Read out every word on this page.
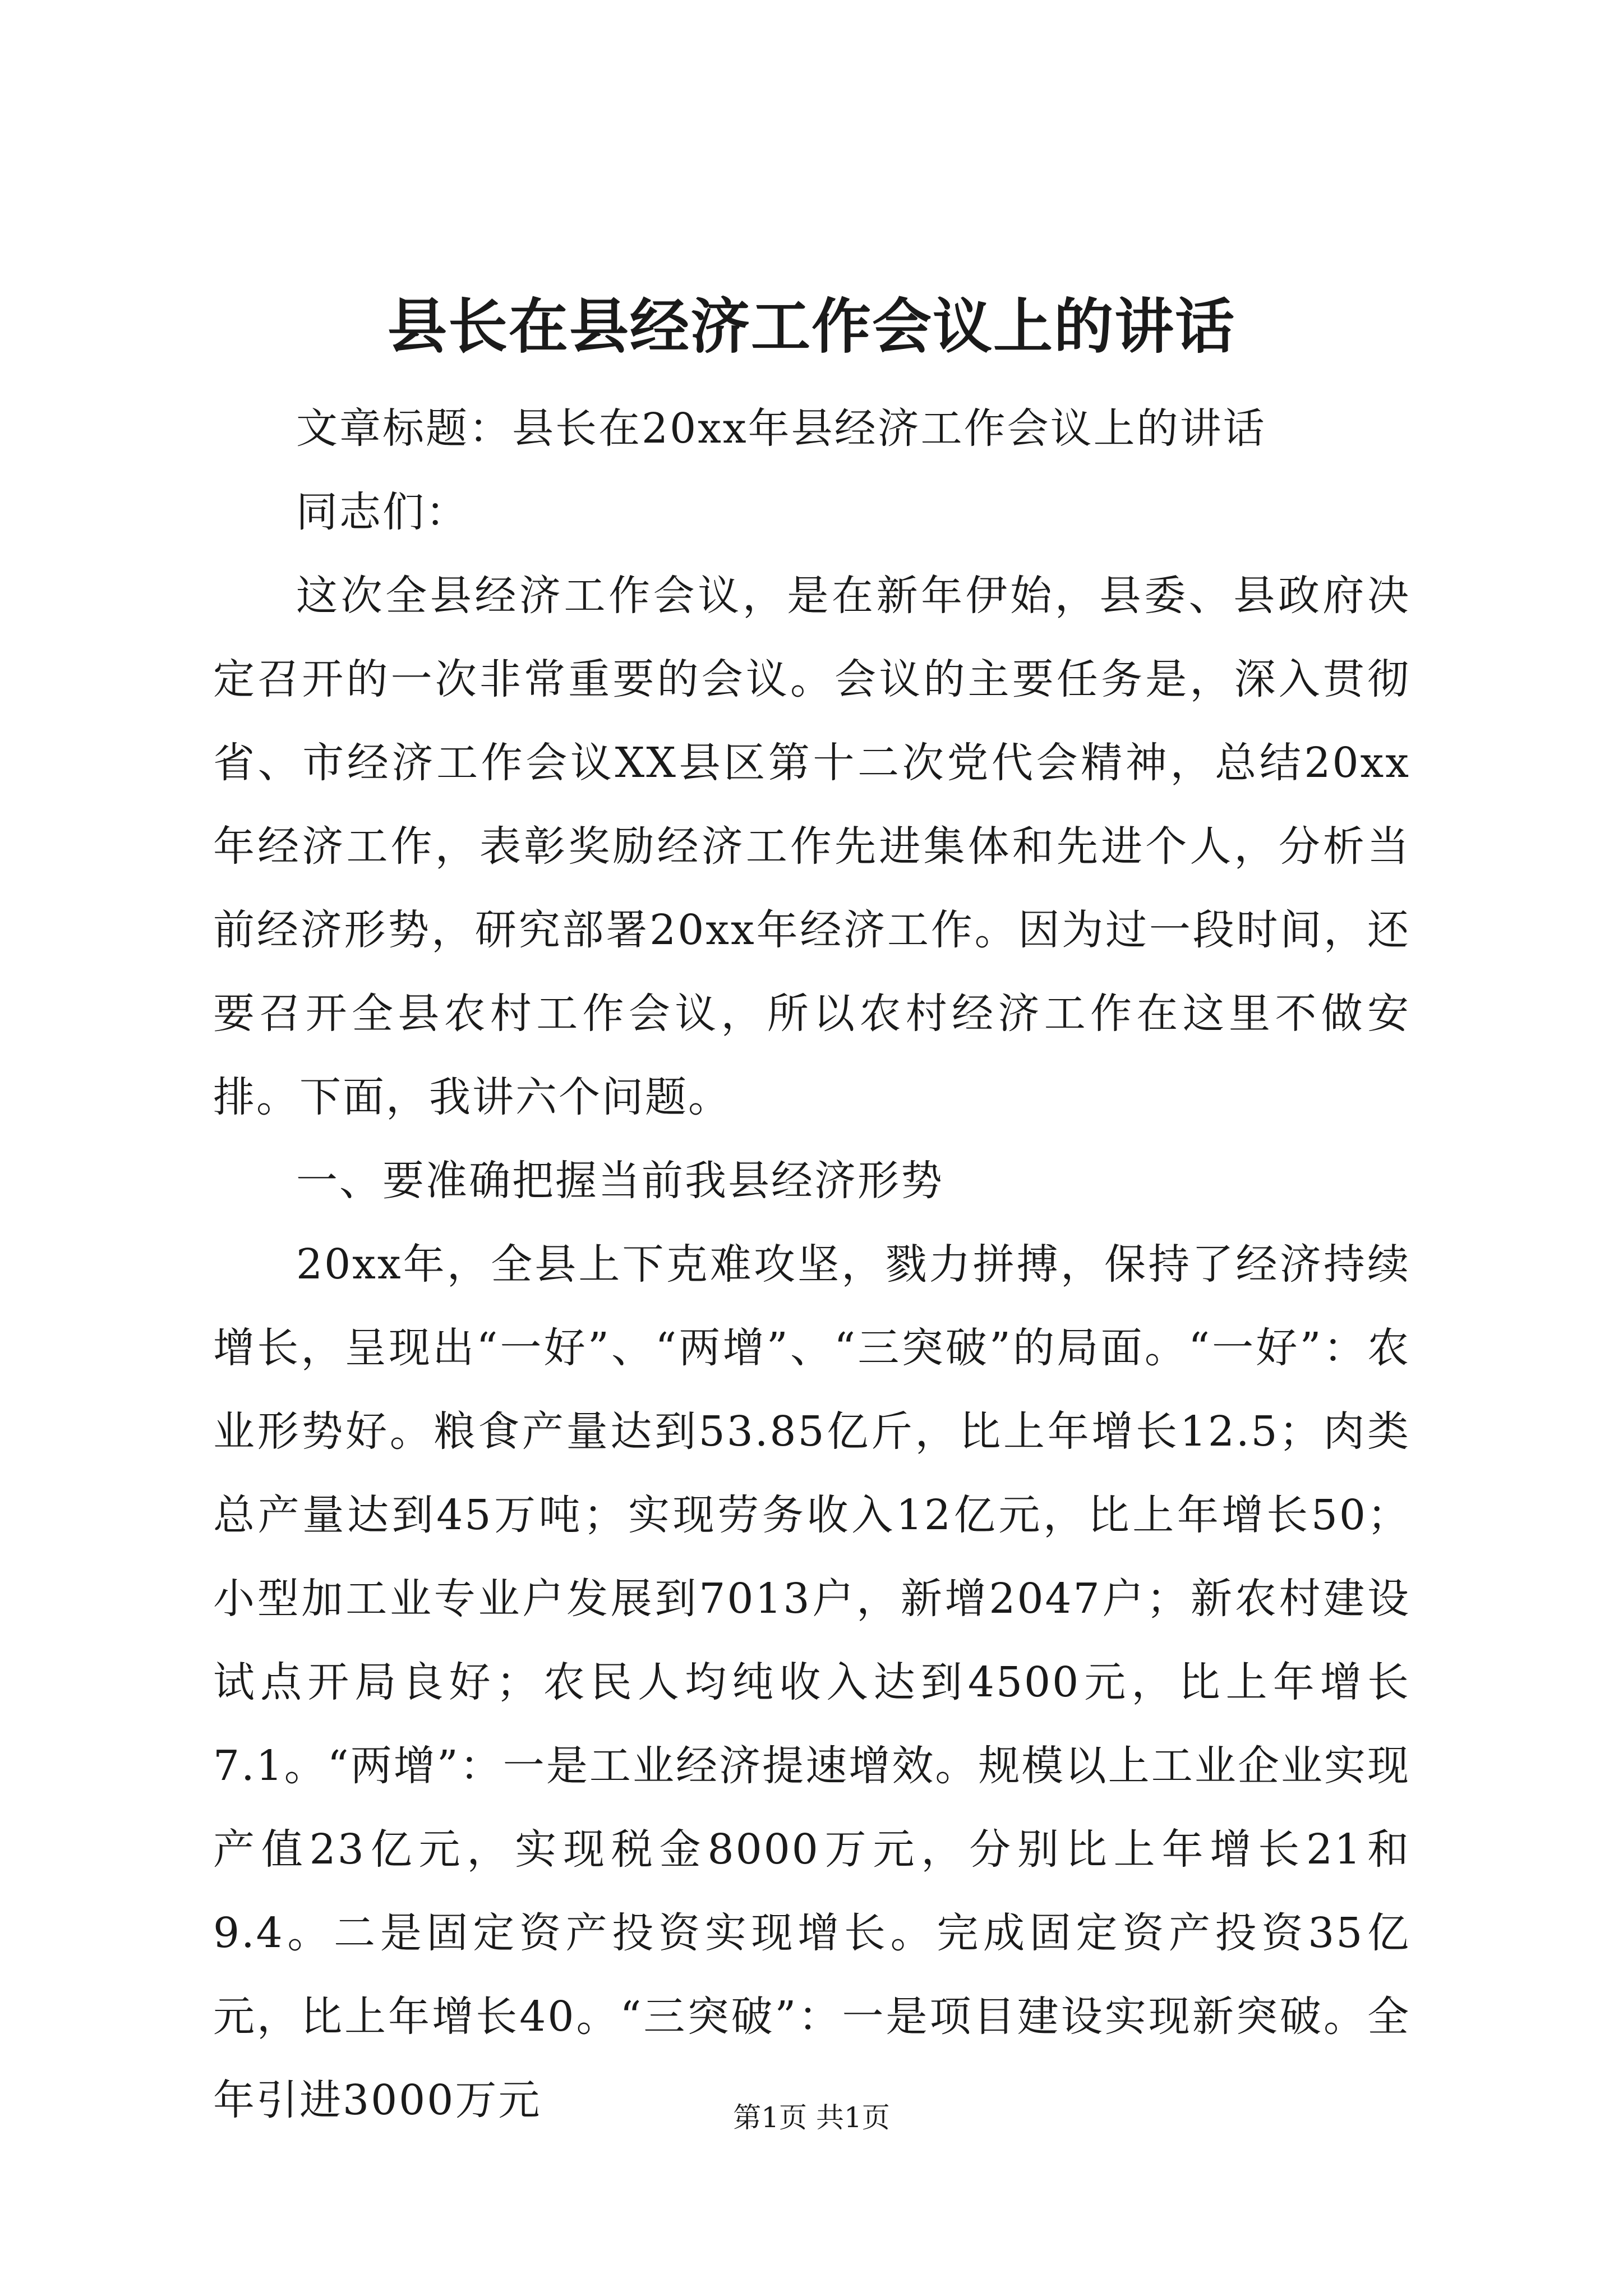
县长在县经济工作会议上的讲话

文章标题：县长在20xx年县经济工作会议上的讲话

同志们：

这次全县经济工作会议，是在新年伊始，县委、县政府决定召开的一次非常重要的会议。会议的主要任务是，深入贯彻省、市经济工作会议XX县区第十二次党代会精神，总结20xx年经济工作，表彰奖励经济工作先进集体和先进个人，分析当前经济形势，研究部署20xx年经济工作。因为过一段时间，还要召开全县农村工作会议，所以农村经济工作在这里不做安排。下面，我讲六个问题。

一、要准确把握当前我县经济形势

20xx年，全县上下克难攻坚，戮力拼搏，保持了经济持续增长，呈现出“一好”、“两增”、“三突破”的局面。“一好”：农业形势好。粮食产量达到53.85亿斤，比上年增长12.5；肉类总产量达到45万吨；实现劳务收入12亿元，比上年增长50；小型加工业专业户发展到7013户，新增2047户；新农村建设试点开局良好；农民人均纯收入达到4500元，比上年增长7.1。“两增”：一是工业经济提速增效。规模以上工业企业实现产值23亿元，实现税金8000万元，分别比上年增长21和9.4。二是固定资产投资实现增长。完成固定资产投资35亿元，比上年增长40。“三突破”：一是项目建设实现新突破。全年引进3000万元	第1页 共1页
